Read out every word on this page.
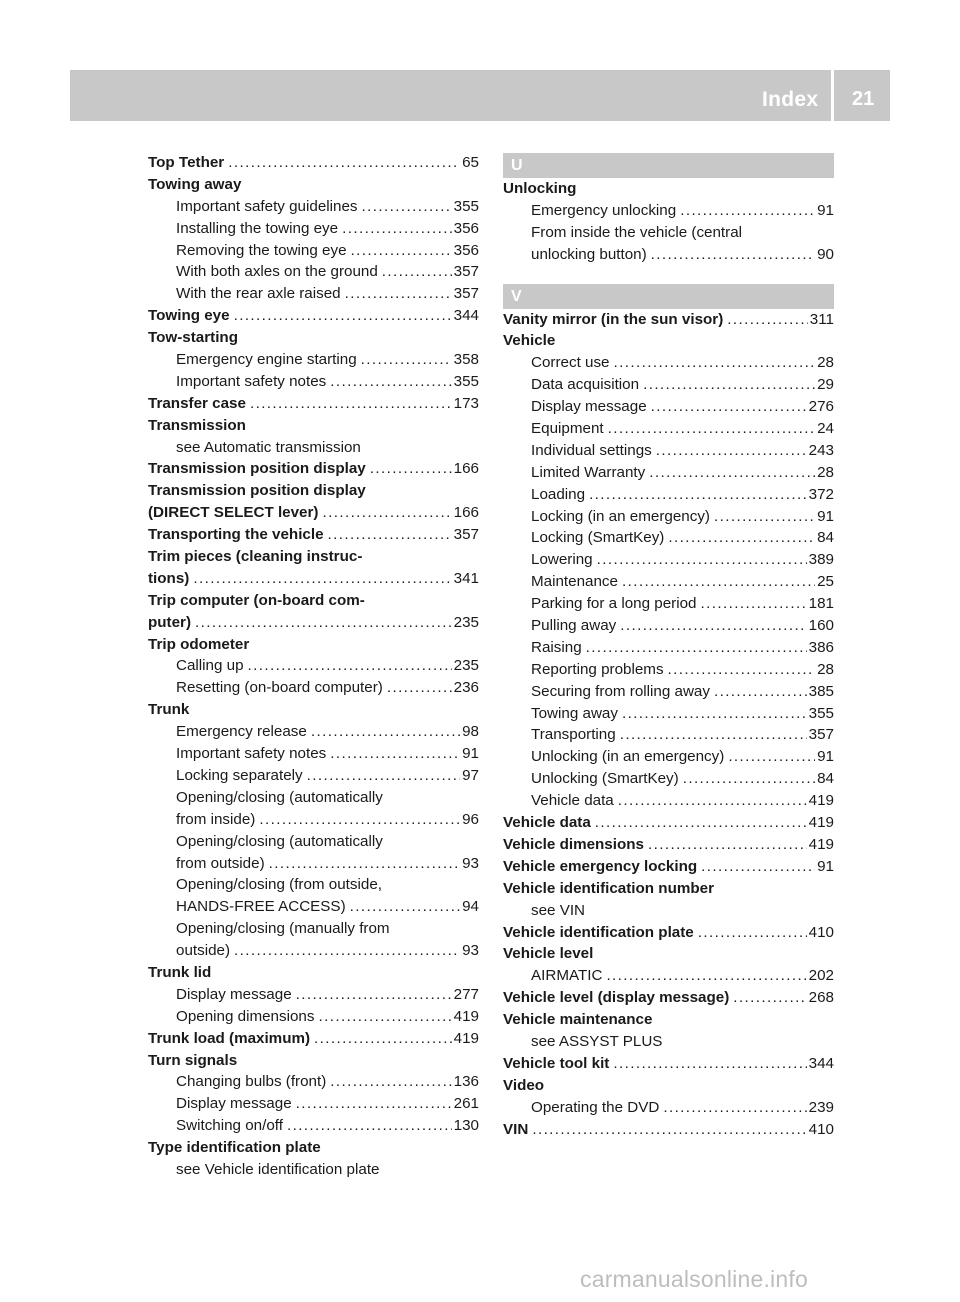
Index 21
Top Tether .....	65
Towing away
Important safety guidelines .....	355
Installing the towing eye .....	356
Removing the towing eye .....	356
With both axles on the ground .....	357
With the rear axle raised .....	357
Towing eye .....	344
Tow-starting
Emergency engine starting .....	358
Important safety notes .....	355
Transfer case .....	173
Transmission
see Automatic transmission
Transmission position display .....	166
Transmission position display
(DIRECT SELECT lever) .....	166
Transporting the vehicle .....	357
Trim pieces (cleaning instruc-
tions) .....	341
Trip computer (on-board com-
puter) .....	235
Trip odometer
Calling up .....	235
Resetting (on-board computer) .....	236
Trunk
Emergency release .....	98
Important safety notes .....	91
Locking separately .....	97
Opening/closing (automatically
from inside) .....	96
Opening/closing (automatically
from outside) .....	93
Opening/closing (from outside,
HANDS-FREE ACCESS) .....	94
Opening/closing (manually from
outside) .....	93
Trunk lid
Display message .....	277
Opening dimensions .....	419
Trunk load (maximum) .....	419
Turn signals
Changing bulbs (front) .....	136
Display message .....	261
Switching on/off .....	130
Type identification plate
see Vehicle identification plate
U
Unlocking
Emergency unlocking .....	91
From inside the vehicle (central
unlocking button) .....	90
V
Vanity mirror (in the sun visor) .....	311
Vehicle
Correct use .....	28
Data acquisition .....	29
Display message .....	276
Equipment .....	24
Individual settings .....	243
Limited Warranty .....	28
Loading .....	372
Locking (in an emergency) .....	91
Locking (SmartKey) .....	84
Lowering .....	389
Maintenance .....	25
Parking for a long period .....	181
Pulling away .....	160
Raising .....	386
Reporting problems .....	28
Securing from rolling away .....	385
Towing away .....	355
Transporting .....	357
Unlocking (in an emergency) .....	91
Unlocking (SmartKey) .....	84
Vehicle data .....	419
Vehicle data .....	419
Vehicle dimensions .....	419
Vehicle emergency locking .....	91
Vehicle identification number
see VIN
Vehicle identification plate .....	410
Vehicle level
AIRMATIC .....	202
Vehicle level (display message) .....	268
Vehicle maintenance
see ASSYST PLUS
Vehicle tool kit .....	344
Video
Operating the DVD .....	239
VIN .....	410
carmanualsonline.info
